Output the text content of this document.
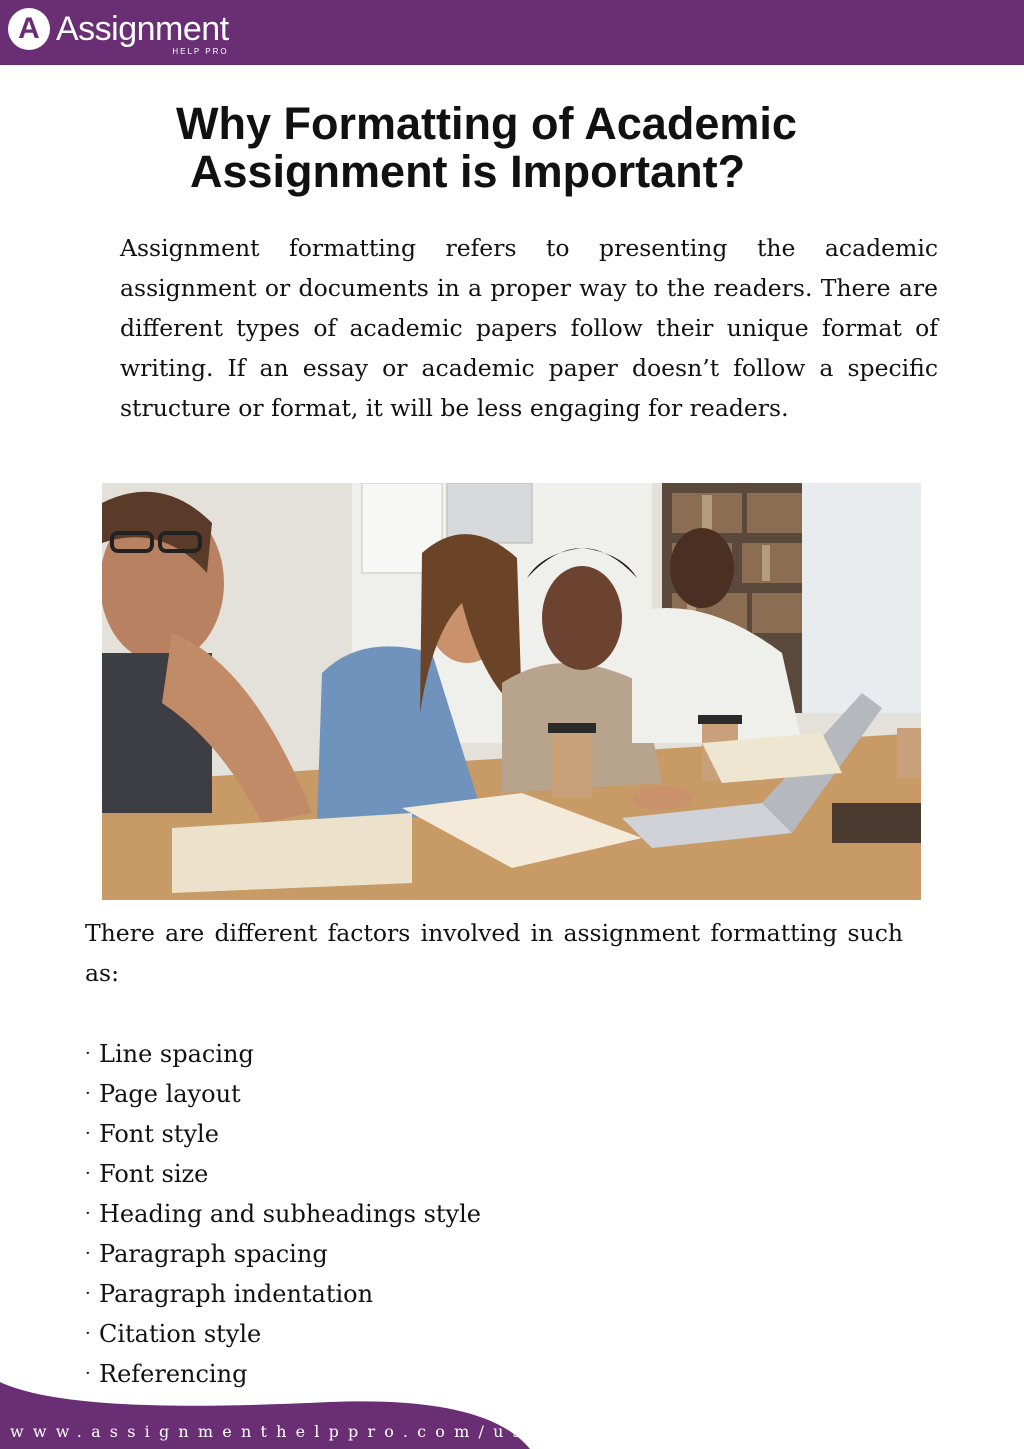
A Assignment
HELP PRO
Why Formatting of Academic
Assignment is Important?

Assignment formatting refers to presenting the academic assignment or documents in a proper way to the readers. There are different types of academic papers follow their unique format of writing. If an essay or academic paper doesn’t follow a specific structure or format, it will be less engaging for readers.

There are different factors involved in assignment formatting such as:

· Line spacing
· Page layout
· Font style
· Font size
· Heading and subheadings style
· Paragraph spacing
· Paragraph indentation
· Citation style
· Referencing
www.assignmenthelppro.com/us/
